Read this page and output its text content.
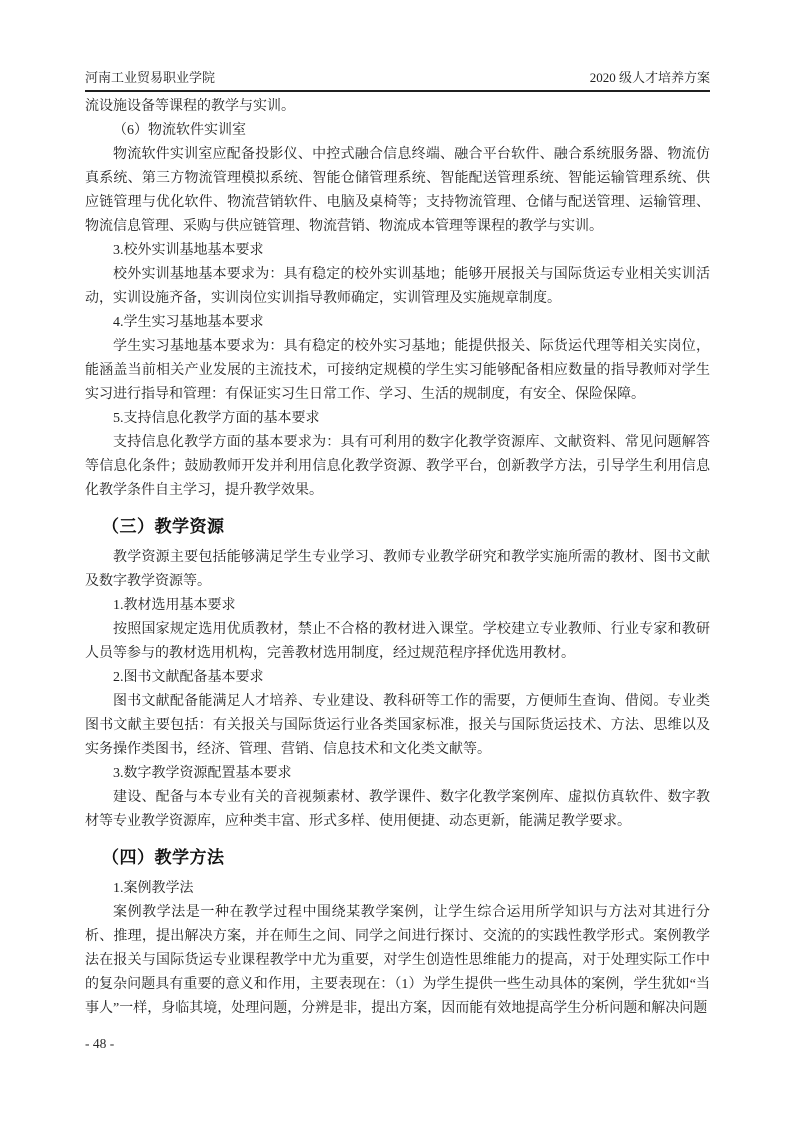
河南工业贸易职业学院	2020 级人才培养方案

流设施设备等课程的教学与实训。

（6）物流软件实训室

物流软件实训室应配备投影仪、中控式融合信息终端、融合平台软件、融合系统服务器、物流仿真系统、第三方物流管理模拟系统、智能仓储管理系统、智能配送管理系统、智能运输管理系统、供应链管理与优化软件、物流营销软件、电脑及桌椅等；支持物流管理、仓储与配送管理、运输管理、物流信息管理、采购与供应链管理、物流营销、物流成本管理等课程的教学与实训。

3.校外实训基地基本要求

校外实训基地基本要求为：具有稳定的校外实训基地；能够开展报关与国际货运专业相关实训活动，实训设施齐备，实训岗位实训指导教师确定，实训管理及实施规章制度。

4.学生实习基地基本要求

学生实习基地基本要求为：具有稳定的校外实习基地；能提供报关、际货运代理等相关实岗位，能涵盖当前相关产业发展的主流技术，可接纳定规模的学生实习能够配备相应数量的指导教师对学生实习进行指导和管理：有保证实习生日常工作、学习、生活的规制度，有安全、保险保障。

5.支持信息化教学方面的基本要求

支持信息化教学方面的基本要求为：具有可利用的数字化教学资源库、文献资料、常见问题解答等信息化条件；鼓励教师开发并利用信息化教学资源、教学平台，创新教学方法，引导学生利用信息化教学条件自主学习，提升教学效果。

（三）教学资源

教学资源主要包括能够满足学生专业学习、教师专业教学研究和教学实施所需的教材、图书文献及数字教学资源等。

1.教材选用基本要求

按照国家规定选用优质教材，禁止不合格的教材进入课堂。学校建立专业教师、行业专家和教研人员等参与的教材选用机构，完善教材选用制度，经过规范程序择优选用教材。

2.图书文献配备基本要求

图书文献配备能满足人才培养、专业建设、教科研等工作的需要，方便师生查询、借阅。专业类图书文献主要包括：有关报关与国际货运行业各类国家标准，报关与国际货运技术、方法、思维以及实务操作类图书，经济、管理、营销、信息技术和文化类文献等。

3.数字教学资源配置基本要求

建设、配备与本专业有关的音视频素材、教学课件、数字化教学案例库、虚拟仿真软件、数字教材等专业教学资源库，应种类丰富、形式多样、使用便捷、动态更新，能满足教学要求。

（四）教学方法

1.案例教学法

案例教学法是一种在教学过程中围绕某教学案例，让学生综合运用所学知识与方法对其进行分析、推理，提出解决方案，并在师生之间、同学之间进行探讨、交流的的实践性教学形式。案例教学法在报关与国际货运专业课程教学中尤为重要，对学生创造性思维能力的提高，对于处理实际工作中的复杂问题具有重要的意义和作用，主要表现在：（1）为学生提供一些生动具体的案例，学生犹如“当事人”一样，身临其境，处理问题，分辨是非，提出方案，因而能有效地提高学生分析问题和解决问题

- 48 -
